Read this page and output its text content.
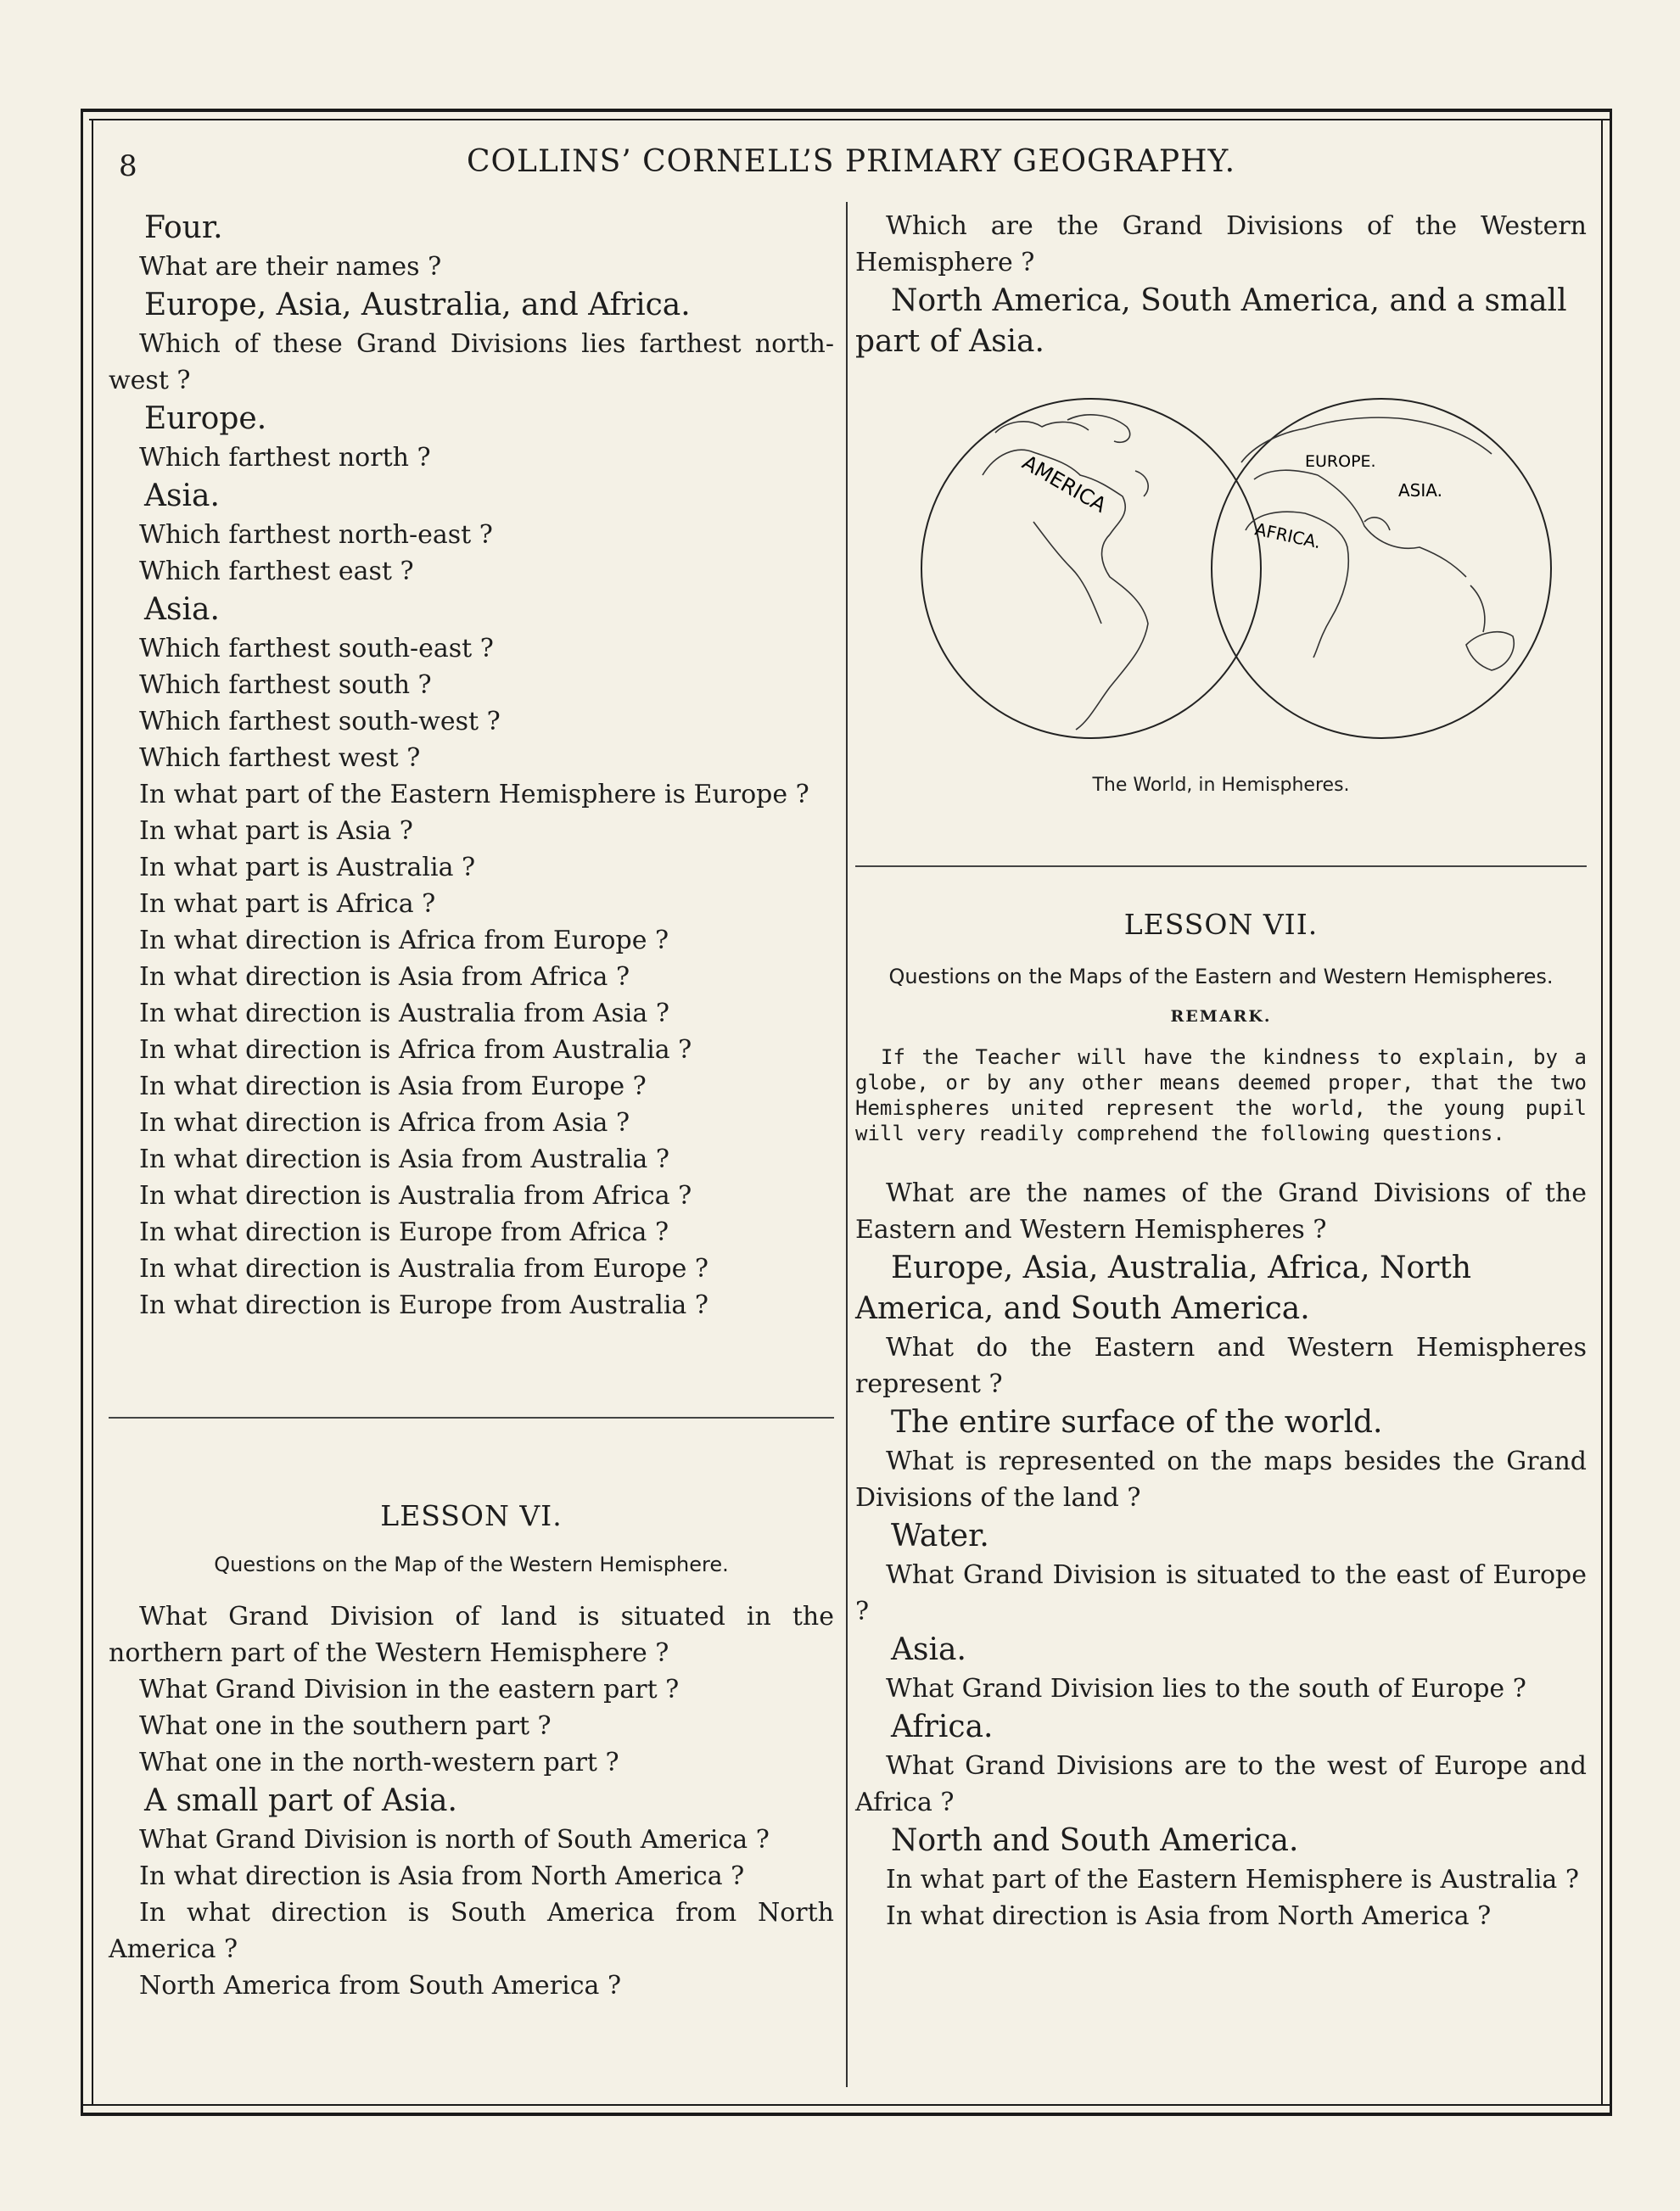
8	COLLINS’ CORNELL’S PRIMARY GEOGRAPHY.

Four.

What are their names ?

Europe, Asia, Australia, and Africa.

Which of these Grand Divisions lies farthest north-west ?

Europe.

Which farthest north ?

Asia.

Which farthest north-east ?

Which farthest east ?

Asia.

Which farthest south-east ?

Which farthest south ?

Which farthest south-west ?

Which farthest west ?

In what part of the Eastern Hemisphere is Europe ?

In what part is Asia ?

In what part is Australia ?

In what part is Africa ?

In what direction is Africa from Europe ?

In what direction is Asia from Africa ?

In what direction is Australia from Asia ?

In what direction is Africa from Australia ?

In what direction is Asia from Europe ?

In what direction is Africa from Asia ?

In what direction is Asia from Australia ?

In what direction is Australia from Africa ?

In what direction is Europe from Africa ?

In what direction is Australia from Europe ?

In what direction is Europe from Australia ?

LESSON VI.

Questions on the Map of the Western Hemisphere.

What Grand Division of land is situated in the northern part of the Western Hemisphere ?

What Grand Division in the eastern part ?

What one in the southern part ?

What one in the north-western part ?

A small part of Asia.

What Grand Division is north of South America ?

In what direction is Asia from North America ?

In what direction is South America from North America ?

North America from South America ?

Which are the Grand Divisions of the Western Hemisphere ?

North America, South America, and a small part of Asia.

AMERICA	EUROPE.
ASIA.
AFRICA.

The World, in Hemispheres.

LESSON VII.

Questions on the Maps of the Eastern and Western Hemispheres.

REMARK.

If the Teacher will have the kindness to explain, by a globe, or by any other means deemed proper, that the two Hemispheres united represent the world, the young pupil will very readily comprehend the following questions.

What are the names of the Grand Divisions of the Eastern and Western Hemispheres ?

Europe, Asia, Australia, Africa, North America, and South America.

What do the Eastern and Western Hemispheres represent ?

The entire surface of the world.

What is represented on the maps besides the Grand Divisions of the land ?

Water.

What Grand Division is situated to the east of Europe ?

Asia.

What Grand Division lies to the south of Europe ?

Africa.

What Grand Divisions are to the west of Europe and Africa ?

North and South America.

In what part of the Eastern Hemisphere is Australia ?

In what direction is Asia from North America ?
